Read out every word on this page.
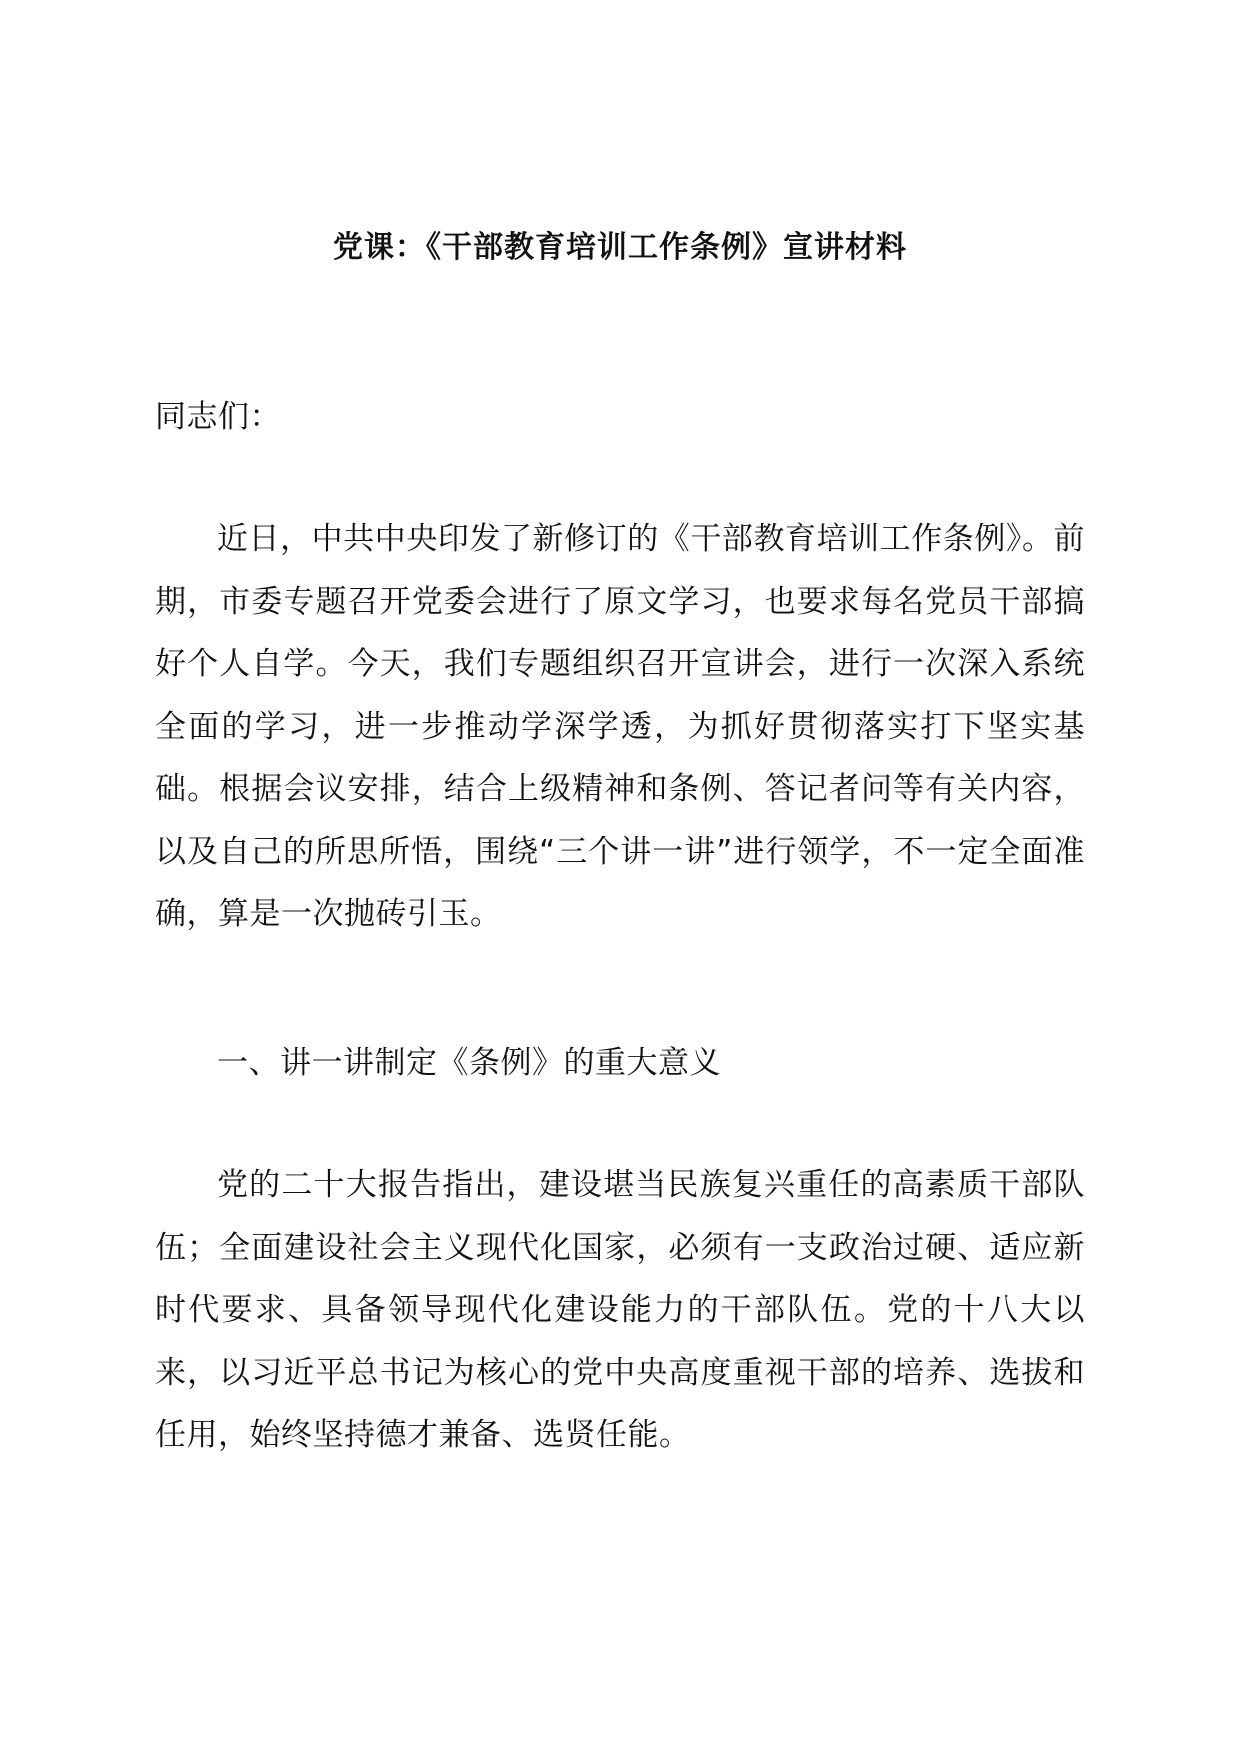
党课：《干部教育培训工作条例》宣讲材料
同志们：
近日，中共中央印发了新修订的《干部教育培训工作条例》。前期，市委专题召开党委会进行了原文学习，也要求每名党员干部搞好个人自学。今天，我们专题组织召开宣讲会，进行一次深入系统全面的学习，进一步推动学深学透，为抓好贯彻落实打下坚实基础。根据会议安排，结合上级精神和条例、答记者问等有关内容，以及自己的所思所悟，围绕“三个讲一讲”进行领学，不一定全面准确，算是一次抛砖引玉。
一、讲一讲制定《条例》的重大意义
党的二十大报告指出，建设堪当民族复兴重任的高素质干部队伍；全面建设社会主义现代化国家，必须有一支政治过硬、适应新时代要求、具备领导现代化建设能力的干部队伍。党的十八大以来，以习近平总书记为核心的党中央高度重视干部的培养、选拔和任用，始终坚持德才兼备、选贤任能。
